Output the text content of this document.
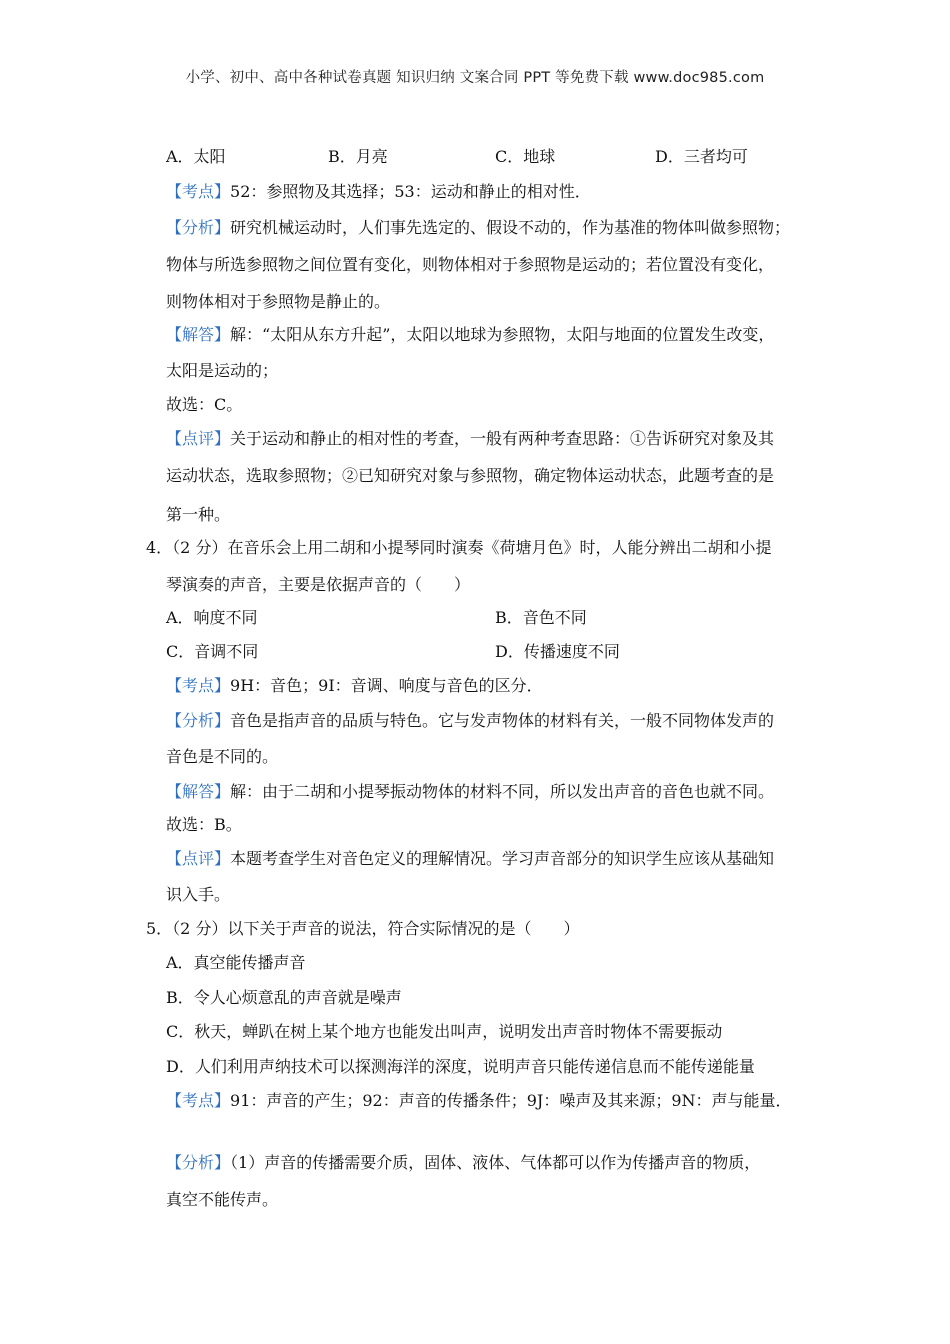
小学、初中、高中各种试卷真题 知识归纳 文案合同 PPT 等免费下载 www.doc985.com
A．太阳	B．月亮	C．地球	D．三者均可
【考点】52：参照物及其选择；53：运动和静止的相对性．
【分析】研究机械运动时，人们事先选定的、假设不动的，作为基准的物体叫做参照物；
物体与所选参照物之间位置有变化，则物体相对于参照物是运动的；若位置没有变化，
则物体相对于参照物是静止的。
【解答】解：“太阳从东方升起”，太阳以地球为参照物，太阳与地面的位置发生改变，
太阳是运动的；
故选：C。
【点评】关于运动和静止的相对性的考查，一般有两种考查思路：①告诉研究对象及其
运动状态，选取参照物；②已知研究对象与参照物，确定物体运动状态，此题考查的是
第一种。
4．（2 分）在音乐会上用二胡和小提琴同时演奏《荷塘月色》时，人能分辨出二胡和小提
琴演奏的声音，主要是依据声音的（　　）
A．响度不同	B．音色不同
C．音调不同	D．传播速度不同
【考点】9H：音色；9I：音调、响度与音色的区分．
【分析】音色是指声音的品质与特色。它与发声物体的材料有关，一般不同物体发声的
音色是不同的。
【解答】解：由于二胡和小提琴振动物体的材料不同，所以发出声音的音色也就不同。
故选：B。
【点评】本题考查学生对音色定义的理解情况。学习声音部分的知识学生应该从基础知
识入手。
5．（2 分）以下关于声音的说法，符合实际情况的是（　　）
A．真空能传播声音
B．令人心烦意乱的声音就是噪声
C．秋天，蝉趴在树上某个地方也能发出叫声，说明发出声音时物体不需要振动
D．人们利用声纳技术可以探测海洋的深度，说明声音只能传递信息而不能传递能量
【考点】91：声音的产生；92：声音的传播条件；9J：噪声及其来源；9N：声与能量．
【分析】（1）声音的传播需要介质，固体、液体、气体都可以作为传播声音的物质，
真空不能传声。
